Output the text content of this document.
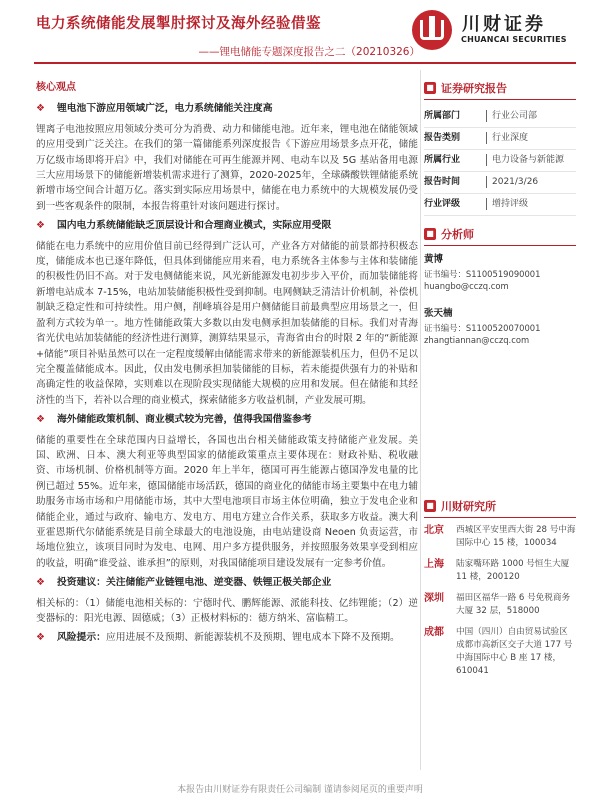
电力系统储能发展掣肘探讨及海外经验借鉴	川财证券
CHUANCAI SECURITIES
——锂电储能专题深度报告之二（20210326）
核心观点
❖ 锂电池下游应用领域广泛，电力系统储能关注度高
锂离子电池按照应用领域分类可分为消费、动力和储能电池。近年来，锂电池在储能领域的应用受到广泛关注。在我们的第一篇储能系列深度报告《下游应用场景多点开花，储能万亿级市场即将开启》中，我们对储能在可再生能源并网、电动车以及 5G 基站备用电源三大应用场景下的储能新增装机需求进行了测算，2020-2025年，全球磷酸铁锂储能系统新增市场空间合计超万亿。落实到实际应用场景中，储能在电力系统中的大规模发展仍受到一些客观条件的限制，本报告将重针对该问题进行探讨。
❖ 国内电力系统储能缺乏顶层设计和合理商业模式，实际应用受限
储能在电力系统中的应用价值目前已经得到广泛认可，产业各方对储能的前景都持积极态度，储能成本也已逐年降低，但具体到储能应用来看，电力系统各主体参与主体和装储能的积极性仍旧不高。对于发电侧储能来说，风光新能源发电初步步入平价，而加装储能将新增电站成本 7-15%，电站加装储能积极性受到抑制。电网侧缺乏清洁计价机制，补偿机制缺乏稳定性和可持续性。用户侧，削峰填谷是用户侧储能目前最典型应用场景之一，但盈利方式较为单一。地方性储能政策大多数以由发电侧承担加装储能的目标。我们对青海省光伏电站加装储能的经济性进行测算，测算结果显示，青海省由台的时限 2 年的“新能源+储能”项目补贴虽然可以在一定程度缓解由储能需求带来的新能源装机压力，但仍不足以完全覆盖储能成本。因此，仅由发电侧承担加装储能的目标，若未能提供强有力的补贴和高确定性的收益保障，实则难以在现阶段实现储能大规模的应用和发展。但在储能和其经济性的当下，若补以合理的商业模式，探索储能多方收益机制，产业发展可期。
❖ 海外储能政策机制、商业模式较为完善，值得我国借鉴参考
储能的重要性在全球范围内日益增长，各国也出台相关储能政策支持储能产业发展。美国、欧洲、日本、澳大利亚等典型国家的储能政策重点主要体现在：财政补贴、税收融资、市场机制、价格机制等方面。2020 年上半年，德国可再生能源占德国净发电量的比例已超过 55%。近年来，德国储能市场活跃，德国的商业化的储能市场主要集中在电力辅助服务市场市场和户用储能市场，其中大型电池项目市场主体位明确，独立于发电企业和储能企业，通过与政府、输电方、发电方、用电方建立合作关系，获取多方收益。澳大利亚霍恩斯代尔储能系统是目前全球最大的电池设施，由电站建设商 Neoen 负责运营，市场地位独立，该项目同时为发电、电网、用户多方提供服务，并按照服务效果享受到相应的收益，明确“谁受益、谁承担”的原则，对我国储能项目建设发展有一定参考价值。
❖ 投资建议：关注储能产业链锂电池、逆变器、铁锂正极关部企业
相关标的：（1）储能电池相关标的：宁德时代、鹏辉能源、派能科技、亿纬锂能；（2）逆变器标的：阳光电源、固德威；（3）正极材料标的：德方纳米、富临精工。
❖ 风险提示： 应用进展不及预期、新能源装机不及预期、锂电成本下降不及预期。
■ 证券研究报告
所属部门	行业公司部
报告类别	行业深度
所属行业	电力设备与新能源
报告时间	2021/3/26
行业评级	增持评级
■ 分析师
黄博
证书编号：S1100519090001
huangbo@cczq.com
张天楠
证书编号：S1100520070001
zhangtiannan@cczq.com
■ 川财研究所
北京	西城区平安里西大街 28 号中海国际中心 15 楼，100034
上海	陆家嘴环路 1000 号恒生大厦 11 楼，200120
深圳	福田区福华一路 6 号免税商务大厦 32 层，518000
成都	中国（四川）自由贸易试验区成都市高新区交子大道 177 号中海国际中心 B 座 17 楼，610041
本报告由川财证券有限责任公司编制 谨请参阅尾页的重要声明
